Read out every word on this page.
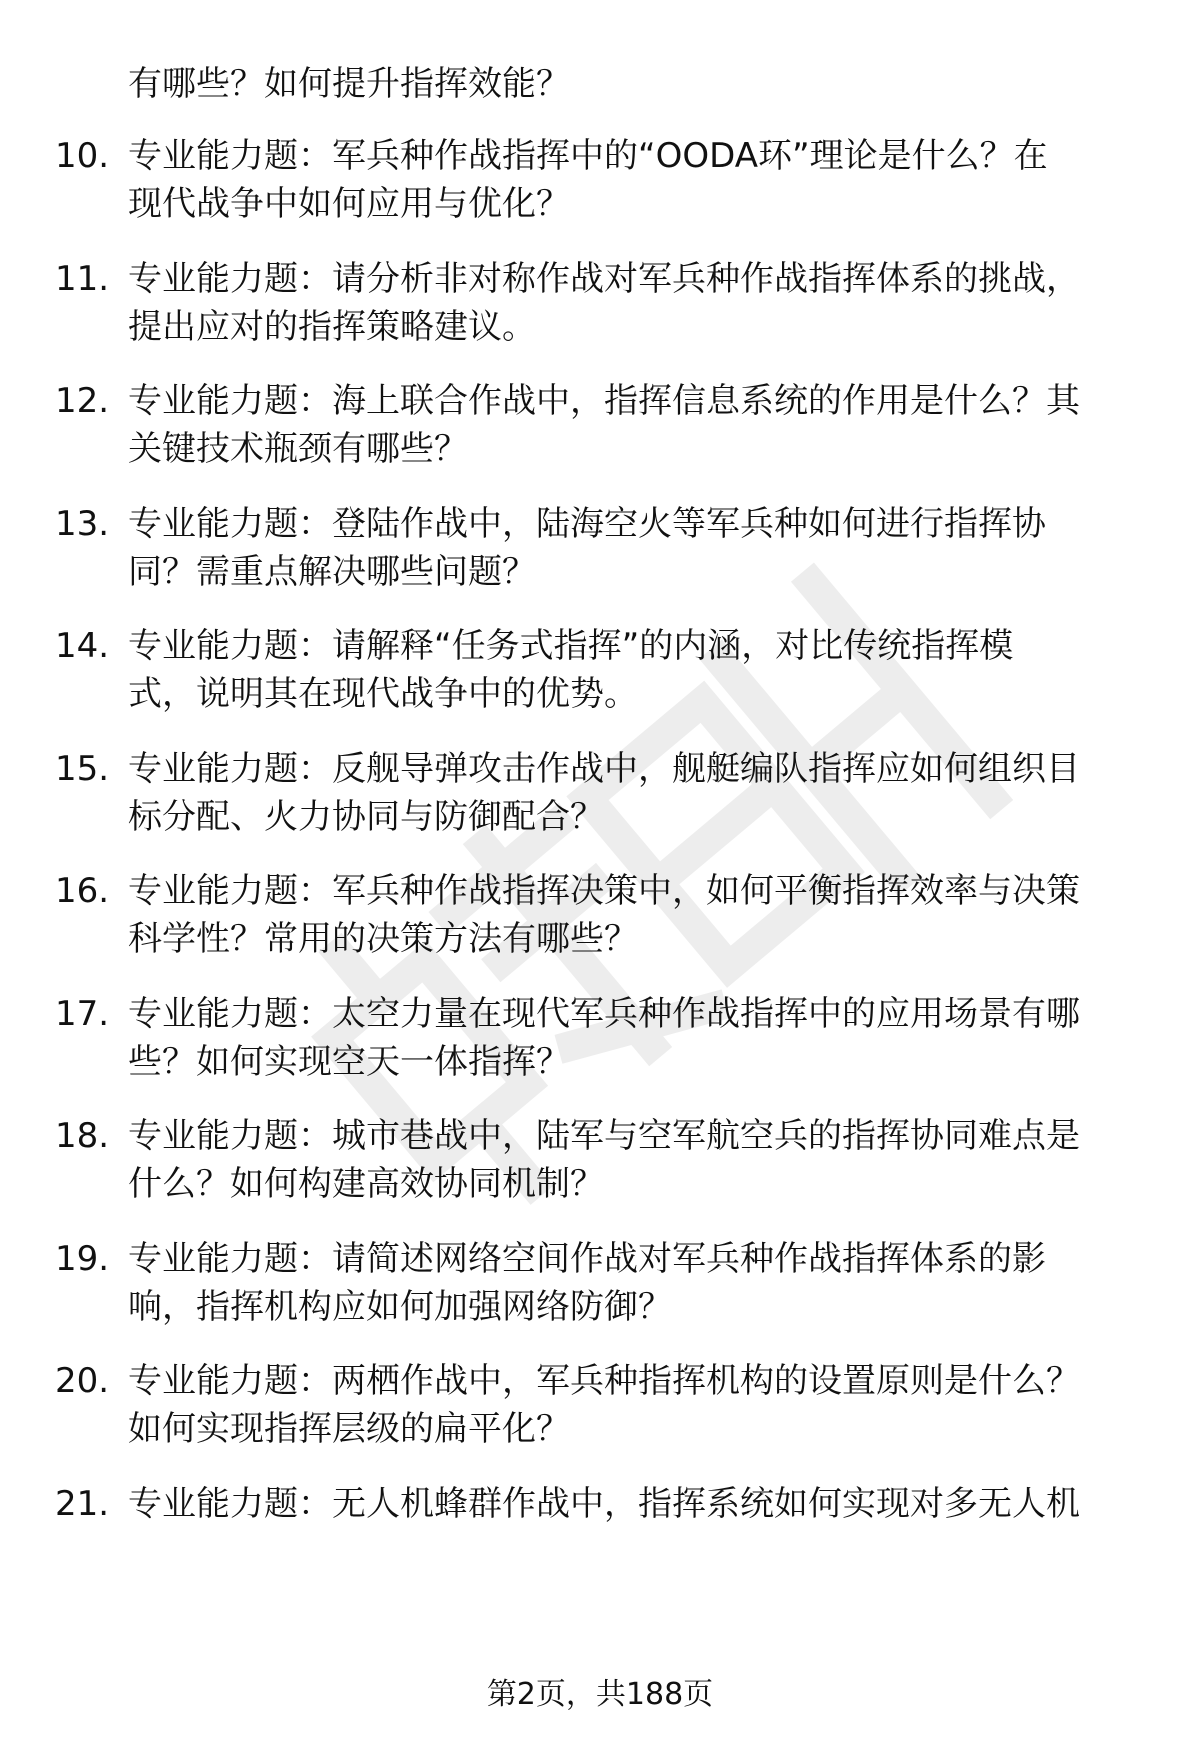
有哪些？如何提升指挥效能？
10. 专业能力题：军兵种作战指挥中的“OODA环”理论是什么？在
现代战争中如何应用与优化？
11. 专业能力题：请分析非对称作战对军兵种作战指挥体系的挑战，
提出应对的指挥策略建议。
12. 专业能力题：海上联合作战中，指挥信息系统的作用是什么？其
关键技术瓶颈有哪些？
13. 专业能力题：登陆作战中，陆海空火等军兵种如何进行指挥协
同？需重点解决哪些问题？
14. 专业能力题：请解释“任务式指挥”的内涵，对比传统指挥模
式，说明其在现代战争中的优势。
15. 专业能力题：反舰导弹攻击作战中，舰艇编队指挥应如何组织目
标分配、火力协同与防御配合？
16. 专业能力题：军兵种作战指挥决策中，如何平衡指挥效率与决策
科学性？常用的决策方法有哪些？
17. 专业能力题：太空力量在现代军兵种作战指挥中的应用场景有哪
些？如何实现空天一体指挥？
18. 专业能力题：城市巷战中，陆军与空军航空兵的指挥协同难点是
什么？如何构建高效协同机制？
19. 专业能力题：请简述网络空间作战对军兵种作战指挥体系的影
响，指挥机构应如何加强网络防御？
20. 专业能力题：两栖作战中，军兵种指挥机构的设置原则是什么？
如何实现指挥层级的扁平化？
21. 专业能力题：无人机蜂群作战中，指挥系统如何实现对多无人机
第2页，共188页
